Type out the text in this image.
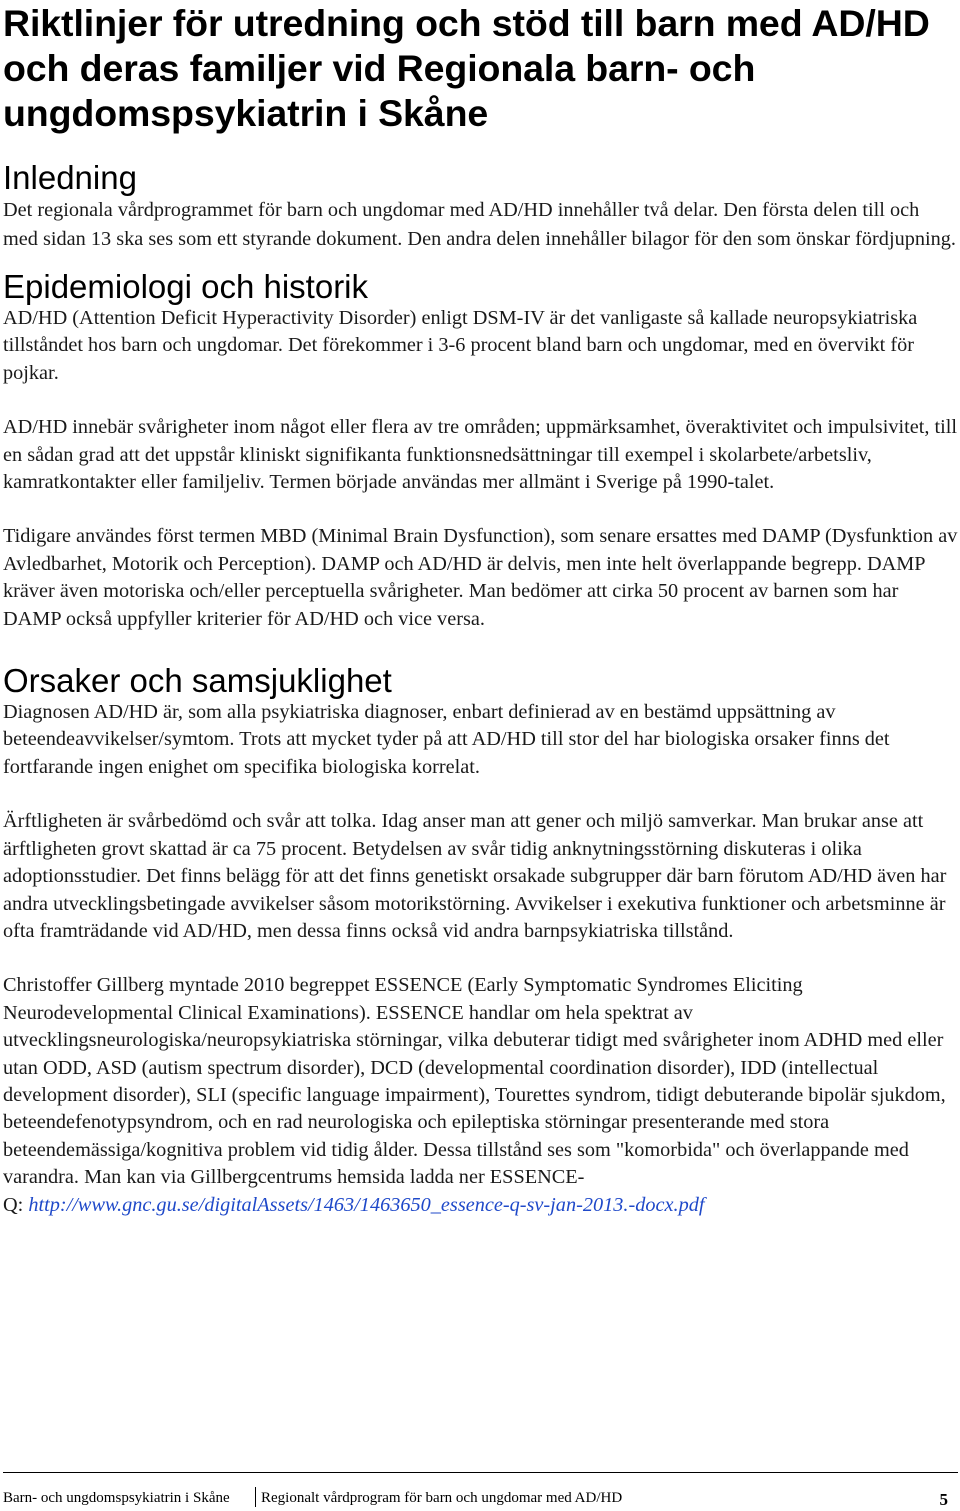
Riktlinjer för utredning och stöd till barn med AD/HD och deras familjer vid Regionala barn- och ungdomspsykiatrin i Skåne
Inledning

Det regionala vårdprogrammet för barn och ungdomar med AD/HD innehåller två delar. Den första delen till och med sidan 13 ska ses som ett styrande dokument. Den andra delen innehåller bilagor för den som önskar fördjupning.

Epidemiologi och historik

AD/HD (Attention Deficit Hyperactivity Disorder) enligt DSM-IV är det vanligaste så kallade neuropsykiatriska tillståndet hos barn och ungdomar. Det förekommer i 3-6 procent bland barn och ungdomar, med en övervikt för pojkar.

AD/HD innebär svårigheter inom något eller flera av tre områden; uppmärksamhet, överaktivitet och impulsivitet, till en sådan grad att det uppstår kliniskt signifikanta funktionsnedsättningar till exempel i skolarbete/arbetsliv, kamratkontakter eller familjeliv. Termen började användas mer allmänt i Sverige på 1990-talet.

Tidigare användes först termen MBD (Minimal Brain Dysfunction), som senare ersattes med DAMP (Dysfunktion av Avledbarhet, Motorik och Perception). DAMP och AD/HD är delvis, men inte helt överlappande begrepp. DAMP kräver även motoriska och/eller perceptuella svårigheter. Man bedömer att cirka 50 procent av barnen som har DAMP också uppfyller kriterier för AD/HD och vice versa.

Orsaker och samsjuklighet

Diagnosen AD/HD är, som alla psykiatriska diagnoser, enbart definierad av en bestämd uppsättning av beteendeavvikelser/symtom. Trots att mycket tyder på att AD/HD till stor del har biologiska orsaker finns det fortfarande ingen enighet om specifika biologiska korrelat.

Ärftligheten är svårbedömd och svår att tolka. Idag anser man att gener och miljö samverkar. Man brukar anse att ärftligheten grovt skattad är ca 75 procent. Betydelsen av svår tidig anknytningsstörning diskuteras i olika adoptionsstudier. Det finns belägg för att det finns genetiskt orsakade subgrupper där barn förutom AD/HD även har andra utvecklingsbetingade avvikelser såsom motorikstörning. Avvikelser i exekutiva funktioner och arbetsminne är ofta framträdande vid AD/HD, men dessa finns också vid andra barnpsykiatriska tillstånd.

Christoffer Gillberg myntade 2010 begreppet ESSENCE (Early Symptomatic Syndromes Eliciting Neurodevelopmental Clinical Examinations). ESSENCE handlar om hela spektrat av utvecklingsneurologiska/neuropsykiatriska störningar, vilka debuterar tidigt med svårigheter inom ADHD med eller utan ODD, ASD (autism spectrum disorder), DCD (developmental coordination disorder), IDD (intellectual development disorder), SLI (specific language impairment), Tourettes syndrom, tidigt debuterande bipolär sjukdom, beteendefenotypsyndrom, och en rad neurologiska och epileptiska störningar presenterande med stora beteendemässiga/kognitiva problem vid tidig ålder. Dessa tillstånd ses som "komorbida" och överlappande med varandra. Man kan via Gillbergcentrums hemsida ladda ner ESSENCE-

Q: http://www.gnc.gu.se/digitalAssets/1463/1463650_essence-q-sv-jan-2013.-docx.pdf

Barn- och ungdomspsykiatrin i Skåne Regionalt vårdprogram för barn och ungdomar med AD/HD	5
